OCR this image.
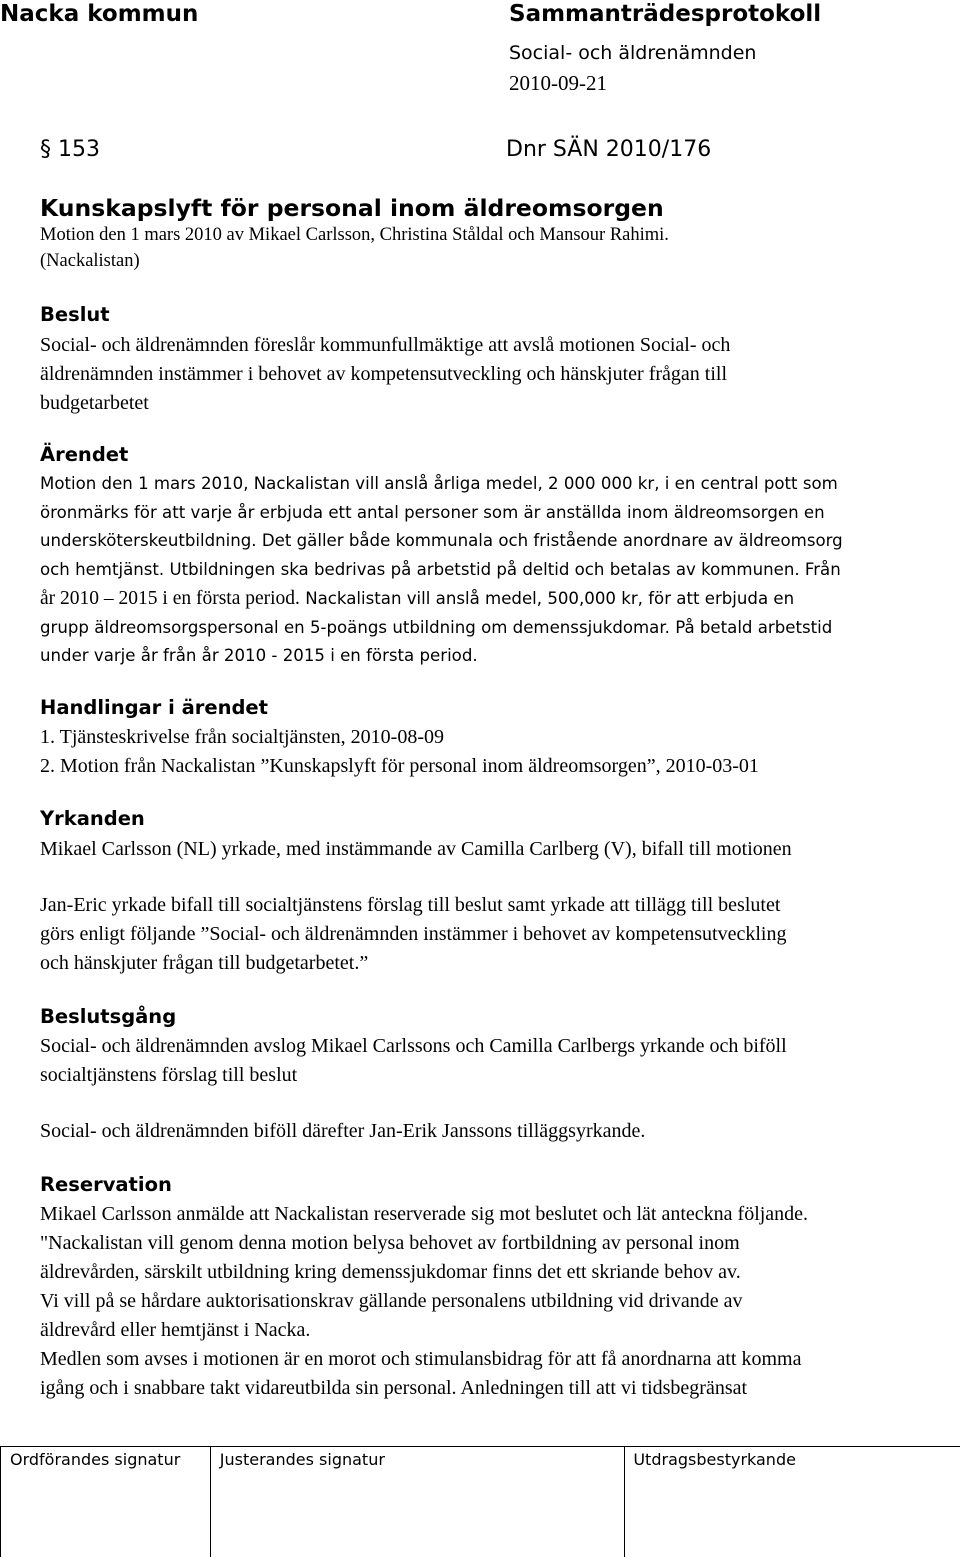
Nacka kommun	Sammanträdesprotokoll
Social- och äldrenämnden
2010-09-21
§ 153	Dnr SÄN 2010/176
Kunskapslyft för personal inom äldreomsorgen
Motion den 1 mars 2010 av Mikael Carlsson, Christina Ståldal och Mansour Rahimi.
(Nackalistan)
Beslut
Social- och äldrenämnden föreslår kommunfullmäktige att avslå motionen Social- och
äldrenämnden instämmer i behovet av kompetensutveckling och hänskjuter frågan till
budgetarbetet
Ärendet
Motion den 1 mars 2010, Nackalistan vill anslå årliga medel, 2 000 000 kr, i en central pott som
öronmärks för att varje år erbjuda ett antal personer som är anställda inom äldreomsorgen en
undersköterskeutbildning. Det gäller både kommunala och fristående anordnare av äldreomsorg
och hemtjänst. Utbildningen ska bedrivas på arbetstid på deltid och betalas av kommunen. Från
år 2010 – 2015 i en första period. Nackalistan vill anslå medel, 500,000 kr, för att erbjuda en
grupp äldreomsorgspersonal en 5-poängs utbildning om demenssjukdomar. På betald arbetstid
under varje år från år 2010 - 2015 i en första period.
Handlingar i ärendet
1. Tjänsteskrivelse från socialtjänsten, 2010-08-09
2. Motion från Nackalistan ”Kunskapslyft för personal inom äldreomsorgen”, 2010-03-01
Yrkanden
Mikael Carlsson (NL) yrkade, med instämmande av Camilla Carlberg (V), bifall till motionen
Jan-Eric yrkade bifall till socialtjänstens förslag till beslut samt yrkade att tillägg till beslutet
görs enligt följande ”Social- och äldrenämnden instämmer i behovet av kompetensutveckling
och hänskjuter frågan till budgetarbetet.”
Beslutsgång
Social- och äldrenämnden avslog Mikael Carlssons och Camilla Carlbergs yrkande och biföll
socialtjänstens förslag till beslut
Social- och äldrenämnden biföll därefter Jan-Erik Janssons tilläggsyrkande.
Reservation
Mikael Carlsson anmälde att Nackalistan reserverade sig mot beslutet och lät anteckna följande.
"Nackalistan vill genom denna motion belysa behovet av fortbildning av personal inom
äldrevården, särskilt utbildning kring demenssjukdomar finns det ett skriande behov av.
Vi vill på se hårdare auktorisationskrav gällande personalens utbildning vid drivande av
äldrevård eller hemtjänst i Nacka.
Medlen som avses i motionen är en morot och stimulansbidrag för att få anordnarna att komma
igång och i snabbare takt vidareutbilda sin personal. Anledningen till att vi tidsbegränsat
Ordförandes signatur	Justerandes signatur	Utdragsbestyrkande
